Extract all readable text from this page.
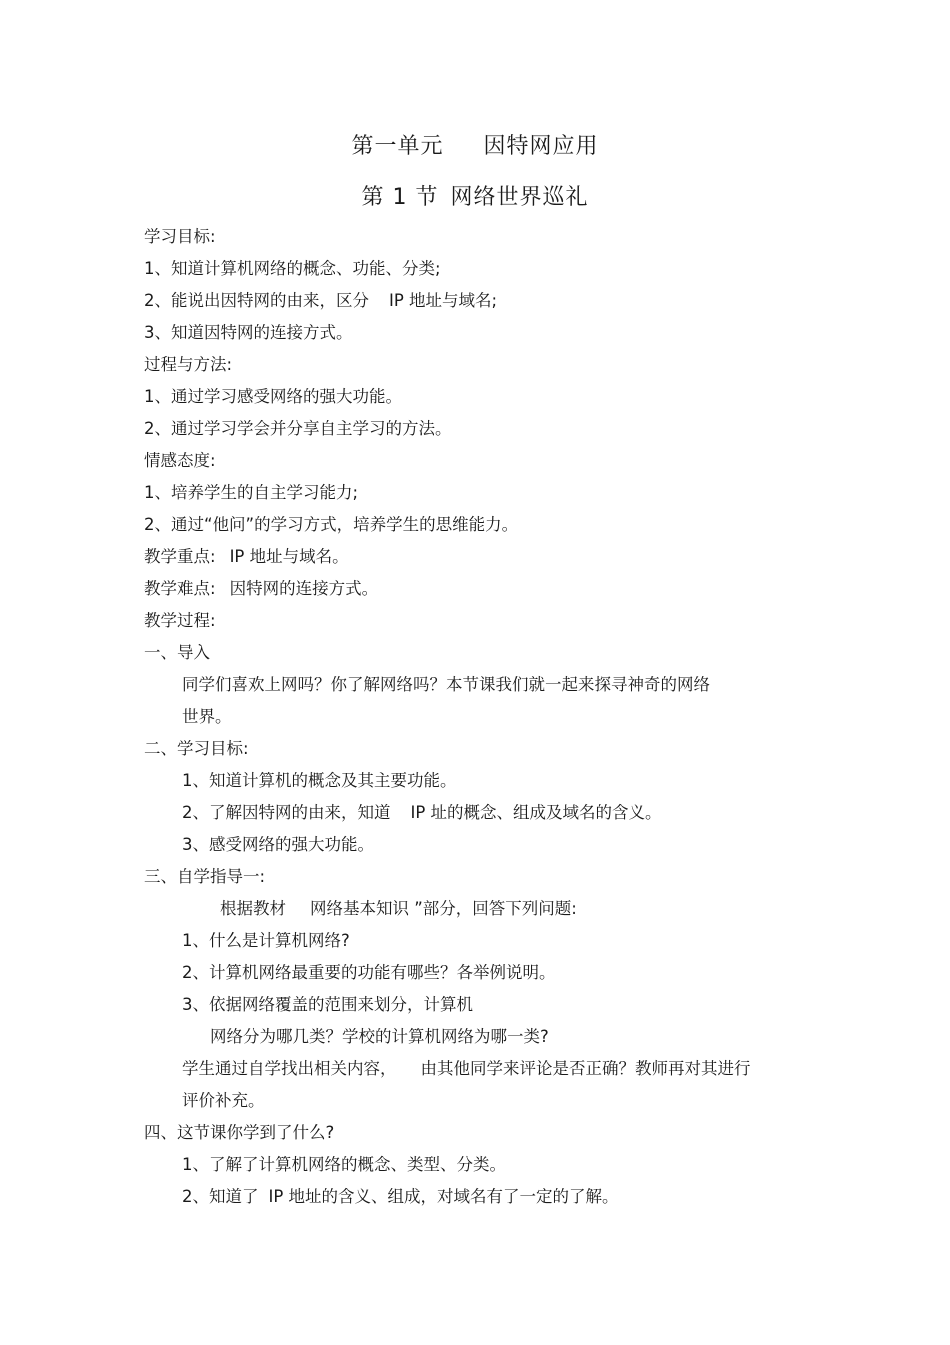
第一单元 因特网应用
第 1 节 网络世界巡礼
学习目标:
1、知道计算机网络的概念、功能、分类;
2、能说出因特网的由来，区分 IP 地址与域名;
3、知道因特网的连接方式。
过程与方法:
1、通过学习感受网络的强大功能。
2、通过学习学会并分享自主学习的方法。
情感态度:
1、培养学生的自主学习能力;
2、通过“他问”的学习方式，培养学生的思维能力。
教学重点: IP 地址与域名。
教学难点: 因特网的连接方式。
教学过程:
一、导入
同学们喜欢上网吗？你了解网络吗？本节课我们就一起来探寻神奇的网络
世界。
二、学习目标:
1、知道计算机的概念及其主要功能。
2、了解因特网的由来，知道 IP 址的概念、组成及域名的含义。
3、感受网络的强大功能。
三、自学指导一:
根据教材 网络基本知识 ”部分，回答下列问题:
1、什么是计算机网络?
2、计算机网络最重要的功能有哪些？各举例说明。
3、依据网络覆盖的范围来划分，计算机
网络分为哪几类？学校的计算机网络为哪一类?
学生通过自学找出相关内容， 由其他同学来评论是否正确？教师再对其进行
评价补充。
四、这节课你学到了什么?
1、了解了计算机网络的概念、类型、分类。
2、知道了 IP 地址的含义、组成，对域名有了一定的了解。
